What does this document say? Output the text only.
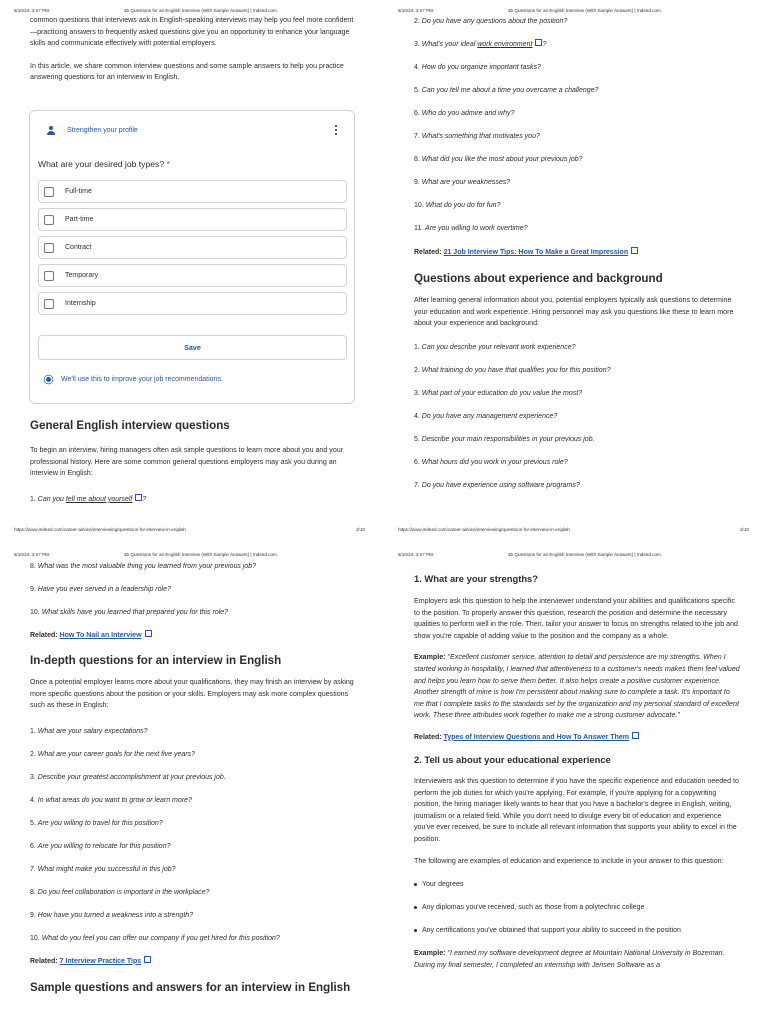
8/10/24, 3:27 PM	35 Questions for an English Interview (With Sample Answers) | Indeed.com

common questions that interviews ask in English-speaking interviews may help you feel more confident—practicing answers to frequently asked questions give you an opportunity to enhance your language skills and communicate effectively with potential employers.

In this article, we share common interview questions and some sample answers to help you practice answering questions for an interview in English.

Strengthen your profile
What are your desired job types? *
Full-time
Part-time
Contract
Temporary
Internship
Save
We'll use this to improve your job recommendations.
General English interview questions

To begin an interview, hiring managers often ask simple questions to learn more about you and your professional history. Here are some common general questions employers may ask you during an interview in English:

1. Can you tell me about yourself ?
https://www.indeed.com/career-advice/interviewing/questions-for-interview-in-english	2/10
8/10/24, 3:27 PM	35 Questions for an English Interview (With Sample Answers) | Indeed.com
2. Do you have any questions about the position?
3. What's your ideal work environment ?
4. How do you organize important tasks?
5. Can you tell me about a time you overcame a challenge?
6. Who do you admire and why?
7. What's something that motivates you?
8. What did you like the most about your previous job?
9. What are your weaknesses?
10. What do you do for fun?
11. Are you willing to work overtime?
Related: 21 Job Interview Tips: How To Make a Great Impression
Questions about experience and background

After learning general information about you, potential employers typically ask questions to determine your education and work experience. Hiring personnel may ask you questions like these to learn more about your experience and background:

1. Can you describe your relevant work experience?
2. What training do you have that qualifies you for this position?
3. What part of your education do you value the most?
4. Do you have any management experience?
5. Describe your main responsibilities in your previous job.
6. What hours did you work in your previous role?
7. Do you have experience using software programs?
https://www.indeed.com/career-advice/interviewing/questions-for-interview-in-english	3/10
8/10/24, 3:27 PM	35 Questions for an English Interview (With Sample Answers) | Indeed.com
8. What was the most valuable thing you learned from your previous job?
9. Have you ever served in a leadership role?
10. What skills have you learned that prepared you for this role?
Related: How To Nail an Interview
In-depth questions for an interview in English

Once a potential employer learns more about your qualifications, they may finish an interview by asking more specific questions about the position or your skills. Employers may ask more complex questions such as these in English:

1. What are your salary expectations?
2. What are your career goals for the next five years?
3. Describe your greatest accomplishment at your previous job.
4. In what areas do you want to grow or learn more?
5. Are you willing to travel for this position?
6. Are you willing to relocate for this position?
7. What might make you successful in this job?
8. Do you feel collaboration is important in the workplace?
9. How have you turned a weakness into a strength?
10. What do you feel you can offer our company if you get hired for this position?
Related: 7 Interview Practice Tips
Sample questions and answers for an interview in English
8/10/24, 3:27 PM	35 Questions for an English Interview (With Sample Answers) | Indeed.com
1. What are your strengths?

Employers ask this question to help the interviewer understand your abilities and qualifications specific to the position. To properly answer this question, research the position and determine the necessary qualities to perform well in the role. Then, tailor your answer to focus on strengths related to the job and show you're capable of adding value to the position and the company as a whole.

Example: "Excellent customer service, attention to detail and persistence are my strengths. When I started working in hospitality, I learned that attentiveness to a customer's needs makes them feel valued and helps you learn how to serve them better. It also helps create a positive customer experience. Another strength of mine is how I'm persistent about making sure to complete a task. It's important to me that I complete tasks to the standards set by the organization and my personal standard of excellent work. These three attributes work together to make me a strong customer advocate."

Related: Types of Interview Questions and How To Answer Them
2. Tell us about your educational experience

Interviewers ask this question to determine if you have the specific experience and education needed to perform the job duties for which you're applying. For example, if you're applying for a copywriting position, the hiring manager likely wants to hear that you have a bachelor's degree in English, writing, journalism or a related field. While you don't need to divulge every bit of education and experience you've ever received, be sure to include all relevant information that supports your ability to excel in the position.

The following are examples of education and experience to include in your answer to this question:

Your degrees
Any diplomas you've received, such as those from a polytechnic college
Any certifications you've obtained that support your ability to succeed in the position

Example: "I earned my software development degree at Mountain National University in Bozeman. During my final semester, I completed an internship with Jensen Software as a
